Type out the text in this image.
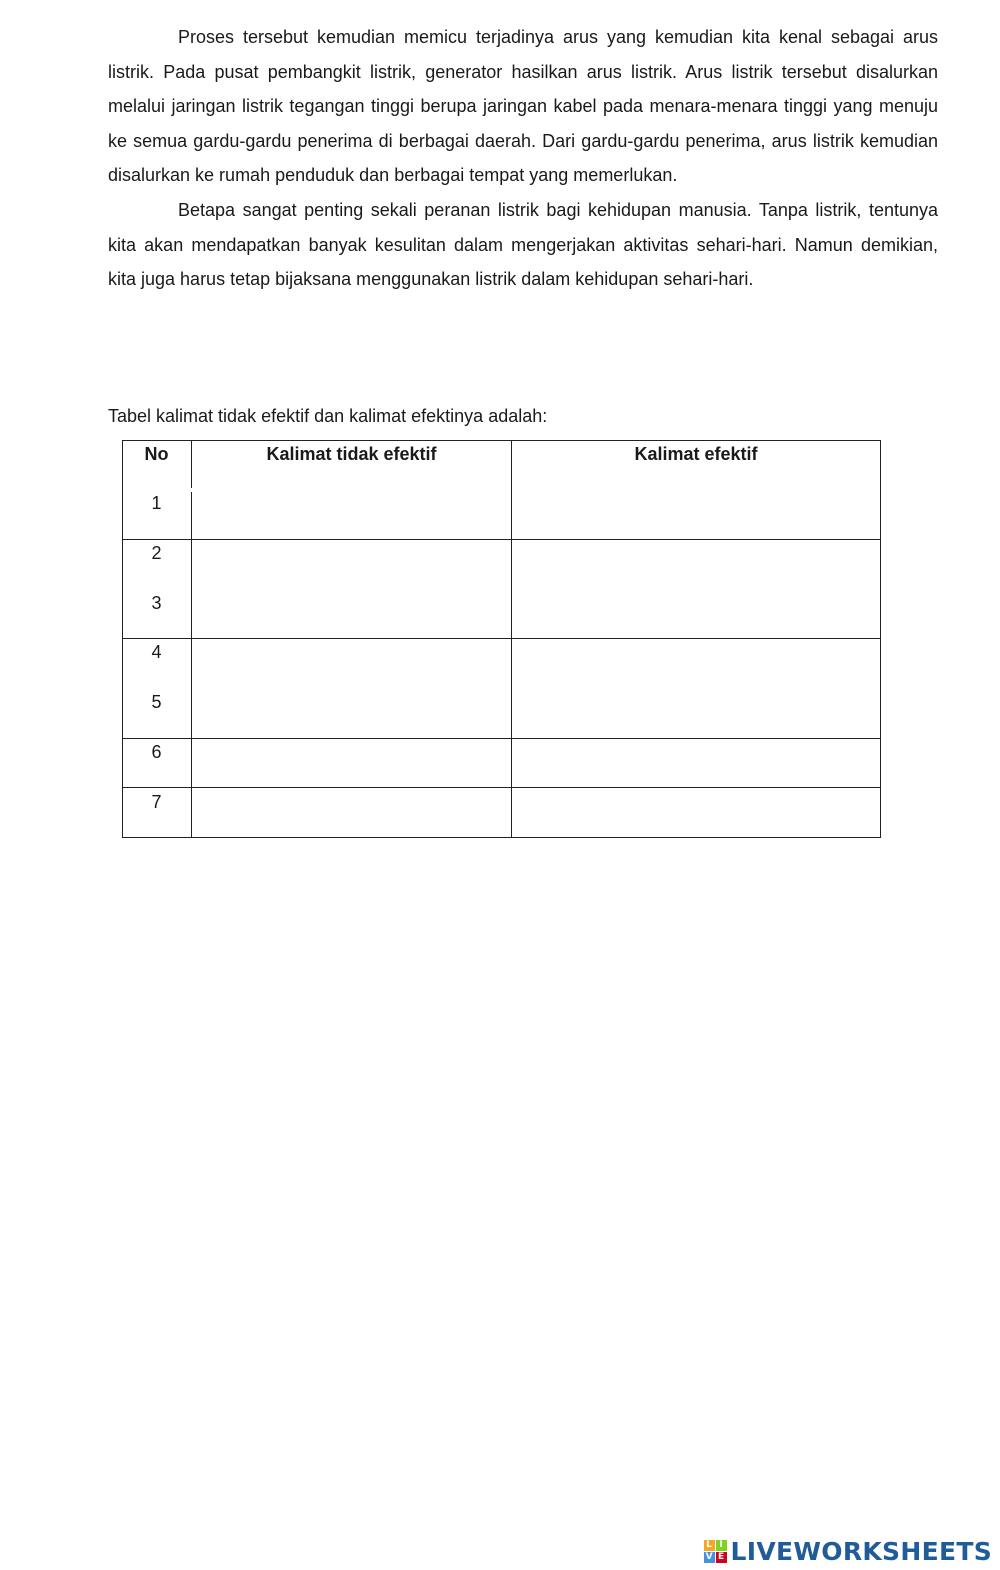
Proses tersebut kemudian memicu terjadinya arus yang kemudian kita kenal sebagai arus listrik. Pada pusat pembangkit listrik, generator hasilkan arus listrik. Arus listrik tersebut disalurkan melalui jaringan listrik tegangan tinggi berupa jaringan kabel pada menara-menara tinggi yang menuju ke semua gardu-gardu penerima di berbagai daerah. Dari gardu-gardu penerima, arus listrik kemudian disalurkan ke rumah penduduk dan berbagai tempat yang memerlukan.

Betapa sangat penting sekali peranan listrik bagi kehidupan manusia. Tanpa listrik, tentunya kita akan mendapatkan banyak kesulitan dalam mengerjakan aktivitas sehari-hari. Namun demikian, kita juga harus tetap bijaksana menggunakan listrik dalam kehidupan sehari-hari.

Tabel kalimat tidak efektif dan kalimat efektinya adalah:

No	Kalimat tidak efektif	Kalimat efektif
1
2
3
4
5
6
7
L I
V E LIVEWORKSHEETS
